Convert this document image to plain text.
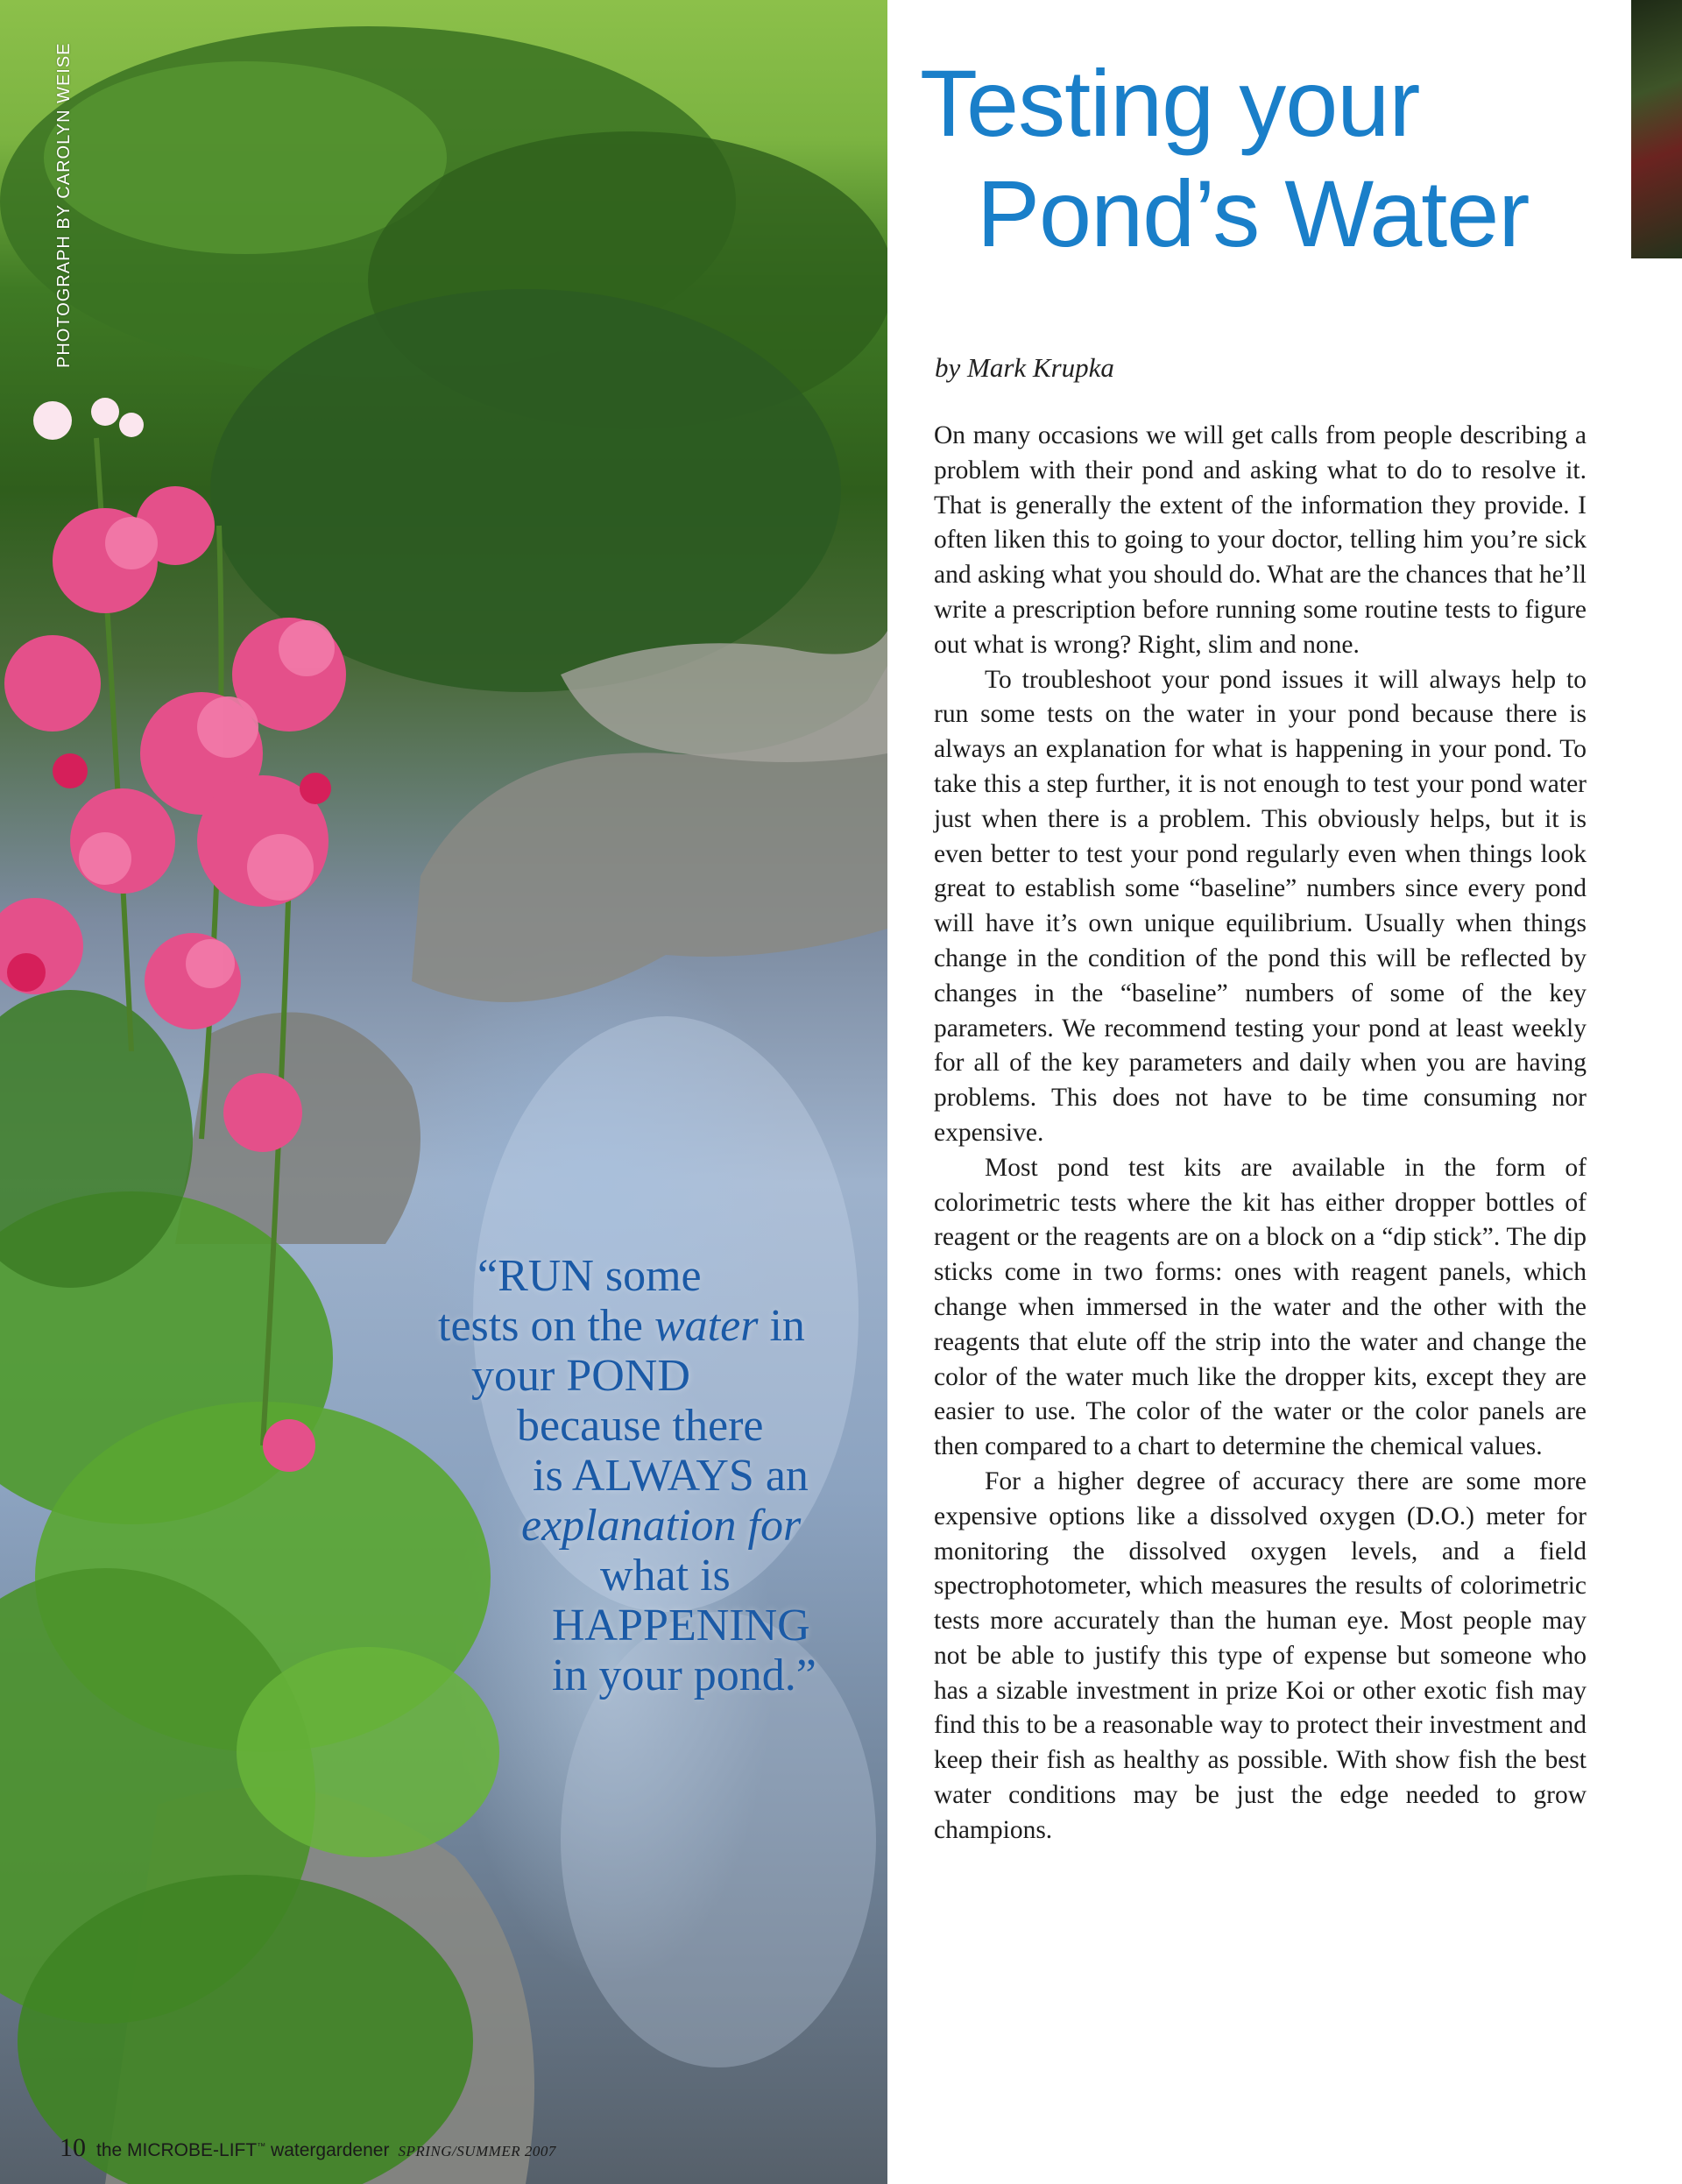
PHOTOGRAPH BY CAROLYN WEISE
“RUN some
tests on the water in
your POND
because there
is ALWAYS an
explanation for
what is
HAPPENING
in your pond.”
10 the MICROBE-LIFT™ watergardener SPRING/SUMMER 2007
Testing your
Pond’s Water
by Mark Krupka

On many occasions we will get calls from people describing a problem with their pond and asking what to do to resolve it. That is generally the extent of the information they provide. I often liken this to going to your doctor, telling him you’re sick and asking what you should do. What are the chances that he’ll write a prescription before running some routine tests to figure out what is wrong? Right, slim and none.

To troubleshoot your pond issues it will always help to run some tests on the water in your pond because there is always an explanation for what is happening in your pond. To take this a step further, it is not enough to test your pond water just when there is a problem. This obviously helps, but it is even better to test your pond regularly even when things look great to establish some “baseline” numbers since every pond will have it’s own unique equilibrium. Usually when things change in the condition of the pond this will be reflected by changes in the “baseline” numbers of some of the key parameters. We recommend testing your pond at least weekly for all of the key parameters and daily when you are having problems. This does not have to be time consuming nor expensive.

Most pond test kits are available in the form of colorimetric tests where the kit has either dropper bottles of reagent or the reagents are on a block on a “dip stick”. The dip sticks come in two forms: ones with reagent panels, which change when immersed in the water and the other with the reagents that elute off the strip into the water and change the color of the water much like the dropper kits, except they are easier to use. The color of the water or the color panels are then compared to a chart to determine the chemical values.

For a higher degree of accuracy there are some more expensive options like a dissolved oxygen (D.O.) meter for monitoring the dissolved oxygen levels, and a field spectrophotometer, which measures the results of colorimetric tests more accurately than the human eye. Most people may not be able to justify this type of expense but someone who has a sizable investment in prize Koi or other exotic fish may find this to be a reasonable way to protect their investment and keep their fish as healthy as possible. With show fish the best water conditions may be just the edge needed to grow champions.
